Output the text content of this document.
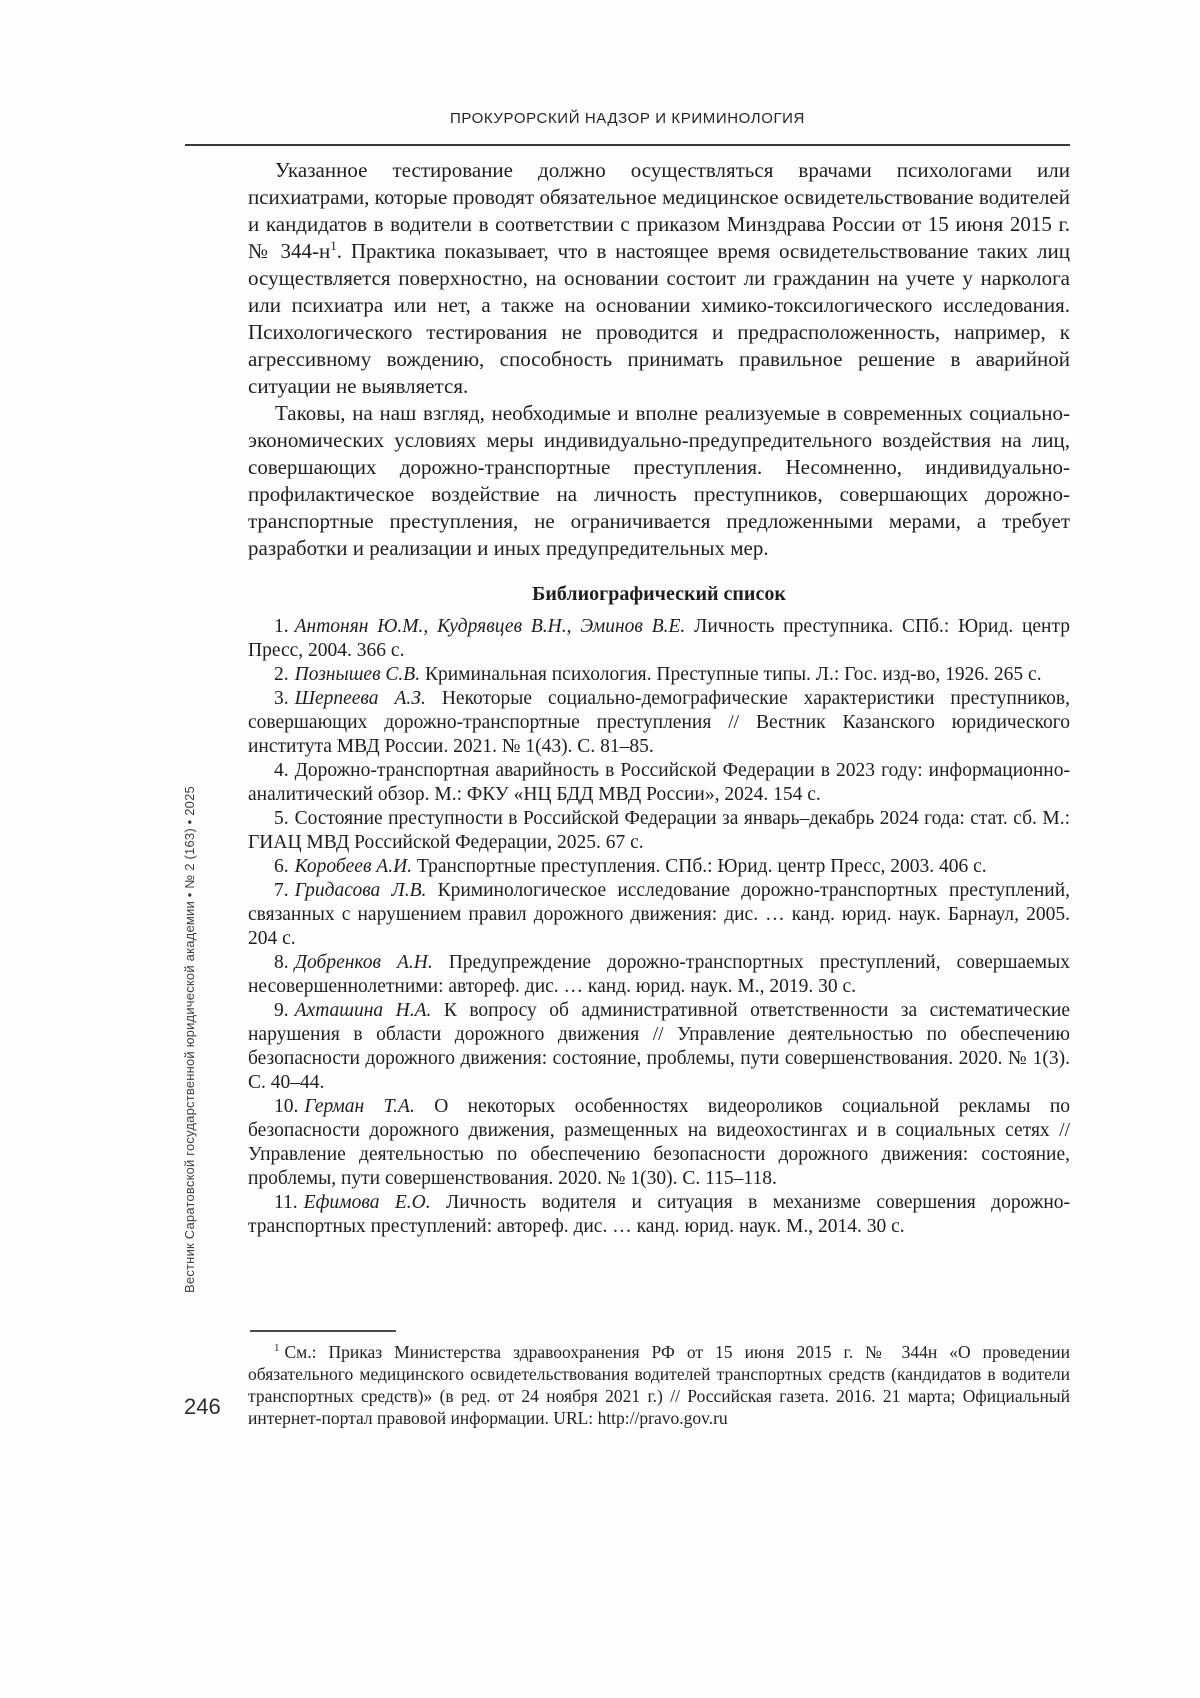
ПРОКУРОРСКИЙ НАДЗОР И КРИМИНОЛОГИЯ
Вестник Саратовской государственной юридической академии • № 2 (163) • 2025

Указанное тестирование должно осуществляться врачами психологами или психиатрами, которые проводят обязательное медицинское освидетельствование водителей и кандидатов в водители в соответствии с приказом Минздрава России от 15 июня 2015 г. № 344-н$^1$. Практика показывает, что в настоящее время освидетельствование таких лиц осуществляется поверхностно, на основании состоит ли гражданин на учете у нарколога или психиатра или нет, а также на основании химико-токсилогического исследования. Психологического тестирования не проводится и предрасположенность, например, к агрессивному вождению, способность принимать правильное решение в аварийной ситуации не выявляется.

Таковы, на наш взгляд, необходимые и вполне реализуемые в современных социально-экономических условиях меры индивидуально-предупредительного воздействия на лиц, совершающих дорожно-транспортные преступления. Несомненно, индивидуально-профилактическое воздействие на личность преступников, совершающих дорожно-транспортные преступления, не ограничивается предложенными мерами, а требует разработки и реализации и иных предупредительных мер.

Библиографический список

1. Антонян Ю.М., Кудрявцев В.Н., Эминов В.Е. Личность преступника. СПб.: Юрид. центр Пресс, 2004. 366 с.

2. Познышев С.В. Криминальная психология. Преступные типы. Л.: Гос. изд-во, 1926. 265 с.

3. Шерпеева А.З. Некоторые социально-демографические характеристики преступников, совершающих дорожно-транспортные преступления // Вестник Казанского юридического института МВД России. 2021. № 1(43). С. 81–85.

4. Дорожно-транспортная аварийность в Российской Федерации в 2023 году: информационно-аналитический обзор. М.: ФКУ «НЦ БДД МВД России», 2024. 154 с.

5. Состояние преступности в Российской Федерации за январь–декабрь 2024 года: стат. сб. М.: ГИАЦ МВД Российской Федерации, 2025. 67 с.

6. Коробеев А.И. Транспортные преступления. СПб.: Юрид. центр Пресс, 2003. 406 с.

7. Гридасова Л.В. Криминологическое исследование дорожно-транспортных преступлений, связанных с нарушением правил дорожного движения: дис. … канд. юрид. наук. Барнаул, 2005. 204 с.

8. Добренков А.Н. Предупреждение дорожно-транспортных преступлений, совершаемых несовершеннолетними: автореф. дис. … канд. юрид. наук. М., 2019. 30 с.

9. Ахташина Н.А. К вопросу об административной ответственности за систематические нарушения в области дорожного движения // Управление деятельностью по обеспечению безопасности дорожного движения: состояние, проблемы, пути совершенствования. 2020. № 1(3). С. 40–44.

10. Герман Т.А. О некоторых особенностях видеороликов социальной рекламы по безопасности дорожного движения, размещенных на видеохостингах и в социальных сетях // Управление деятельностью по обеспечению безопасности дорожного движения: состояние, проблемы, пути совершенствования. 2020. № 1(30). С. 115–118.

11. Ефимова Е.О. Личность водителя и ситуация в механизме совершения дорожно-транспортных преступлений: автореф. дис. … канд. юрид. наук. М., 2014. 30 с.

$^1$ См.: Приказ Министерства здравоохранения РФ от 15 июня 2015 г. № 344н «О проведении обязательного медицинского освидетельствования водителей транспортных средств (кандидатов в водители транспортных средств)» (в ред. от 24 ноября 2021 г.) // Российская газета. 2016. 21 марта; Официальный интернет-портал правовой информации. URL: http://pravo.gov.ru
246
